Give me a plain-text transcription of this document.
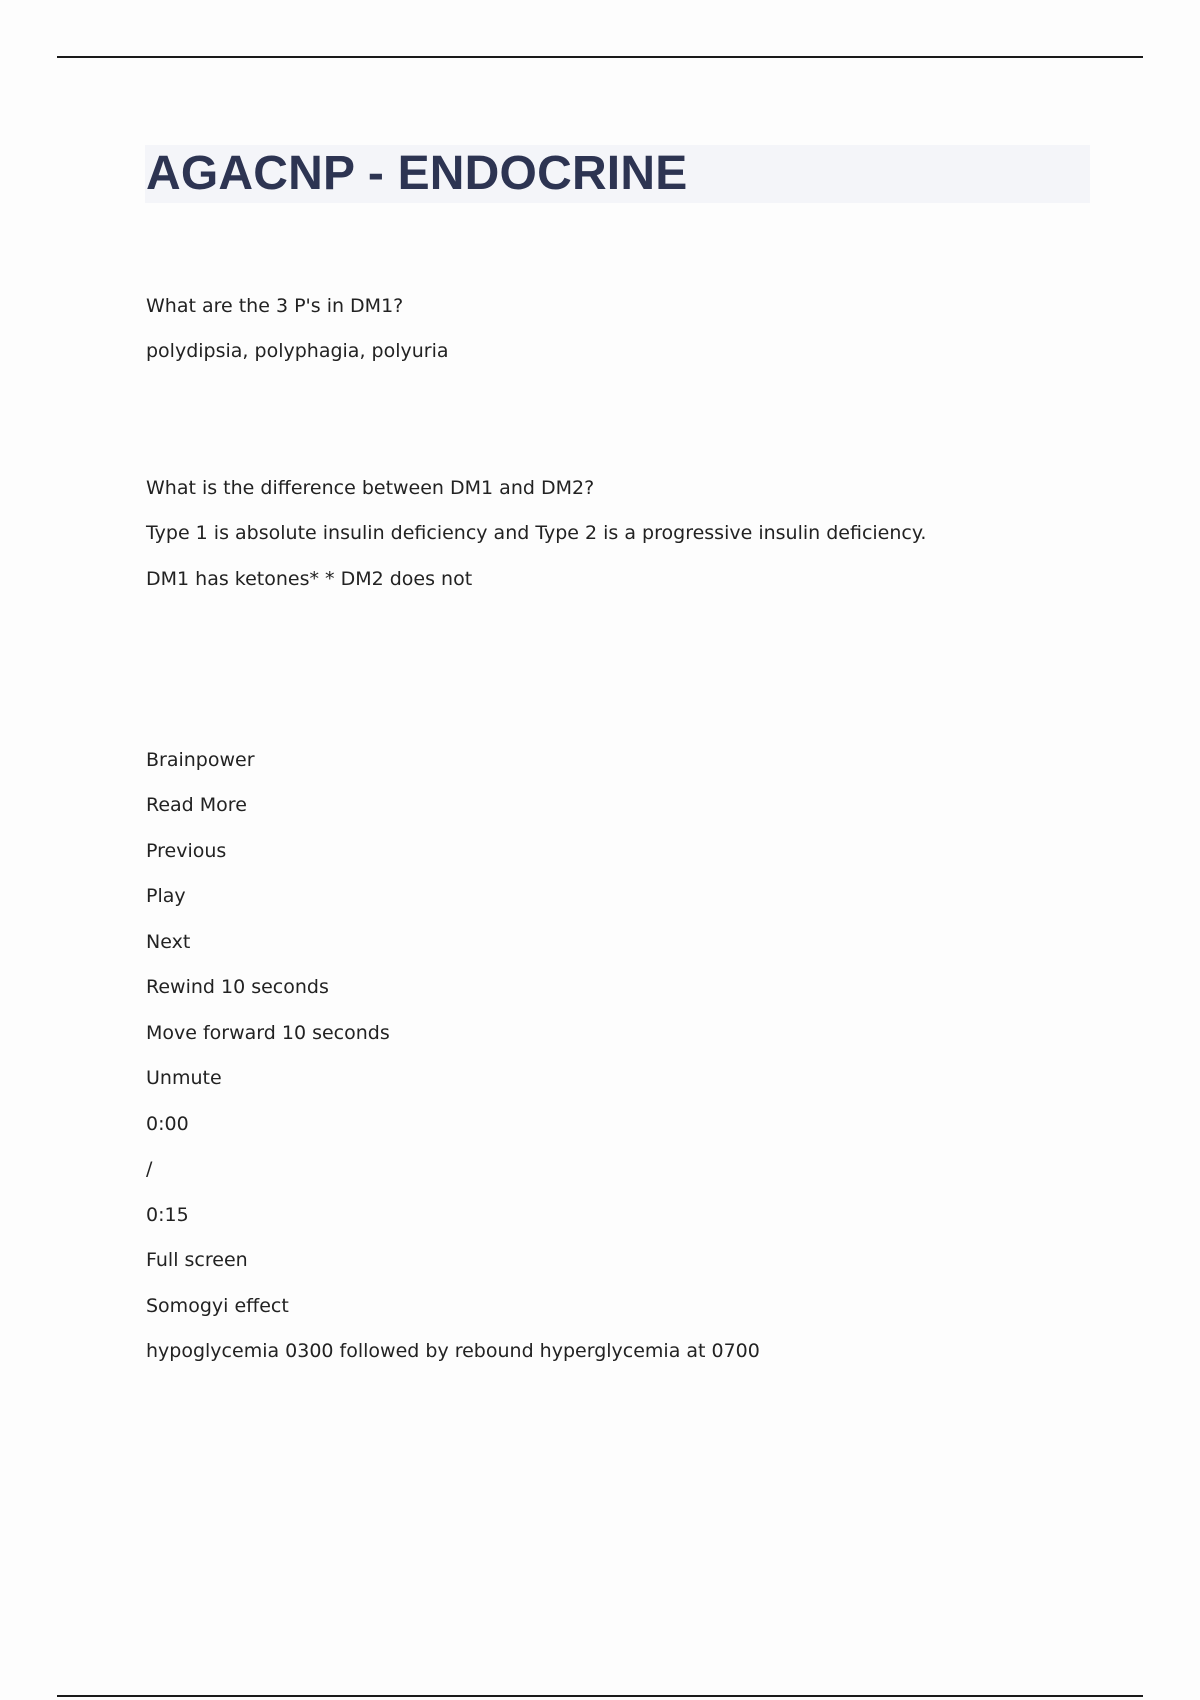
AGACNP - ENDOCRINE

What are the 3 P's in DM1?

polydipsia, polyphagia, polyuria

What is the difference between DM1 and DM2?

Type 1 is absolute insulin deficiency and Type 2 is a progressive insulin deficiency.

DM1 has ketones* * DM2 does not

Brainpower

Read More

Previous

Play

Next

Rewind 10 seconds

Move forward 10 seconds

Unmute

0:00

/

0:15

Full screen

Somogyi effect

hypoglycemia 0300 followed by rebound hyperglycemia at 0700
